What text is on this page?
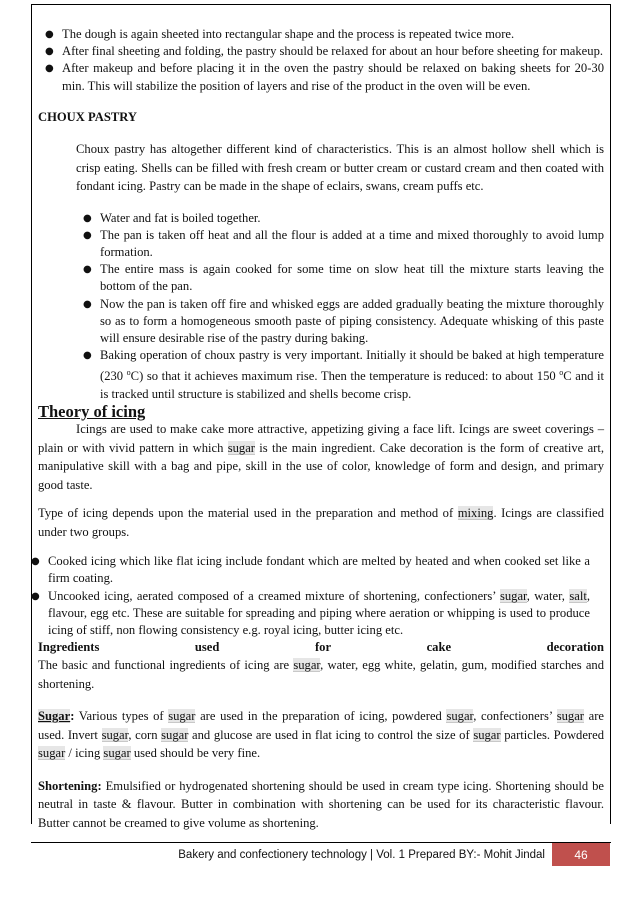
● The dough is again sheeted into rectangular shape and the process is repeated twice more.
● After final sheeting and folding, the pastry should be relaxed for about an hour before sheeting for makeup.
● After makeup and before placing it in the oven the pastry should be relaxed on baking sheets for 20-30 min. This will stabilize the position of layers and rise of the product in the oven will be even.

CHOUX PASTRY

Choux pastry has altogether different kind of characteristics. This is an almost hollow shell which is crisp eating. Shells can be filled with fresh cream or butter cream or custard cream and then coated with fondant icing. Pastry can be made in the shape of eclairs, swans, cream puffs etc.

● Water and fat is boiled together.
● The pan is taken off heat and all the flour is added at a time and mixed thoroughly to avoid lump formation.
● The entire mass is again cooked for some time on slow heat till the mixture starts leaving the bottom of the pan.
● Now the pan is taken off fire and whisked eggs are added gradually beating the mixture thoroughly so as to form a homogeneous smooth paste of piping consistency. Adequate whisking of this paste will ensure desirable rise of the pastry during baking.
● Baking operation of choux pastry is very important. Initially it should be baked at high temperature (230 $^o$C) so that it achieves maximum rise. Then the temperature is reduced: to about 150 $^o$C and it is tracked until structure is stabilized and shells become crisp.

Theory of icing

Icings are used to make cake more attractive, appetizing giving a face lift. Icings are sweet coverings – plain or with vivid pattern in which sugar is the main ingredient. Cake decoration is the form of creative art, manipulative skill with a bag and pipe, skill in the use of color, knowledge of form and design, and primary good taste.

Type of icing depends upon the material used in the preparation and method of mixing. Icings are classified under two groups.

● Cooked icing which like flat icing include fondant which are melted by heated and when cooked set like a firm coating.
● Uncooked icing, aerated composed of a creamed mixture of shortening, confectioners’ sugar, water, salt, flavour, egg etc. These are suitable for spreading and piping where aeration or whipping is used to produce icing of stiff, non flowing consistency e.g. royal icing, butter icing etc.
Ingredients	used	for	cake	decoration

The basic and functional ingredients of icing are sugar, water, egg white, gelatin, gum, modified starches and shortening.

Sugar: Various types of sugar are used in the preparation of icing, powdered sugar, confectioners’ sugar are used. Invert sugar, corn sugar and glucose are used in flat icing to control the size of sugar particles. Powdered sugar / icing sugar used should be very fine.

Shortening: Emulsified or hydrogenated shortening should be used in cream type icing. Shortening should be neutral in taste & flavour. Butter in combination with shortening can be used for its characteristic flavour. Butter cannot be creamed to give volume as shortening.

Bakery and confectionery technology | Vol. 1 Prepared BY:- Mohit Jindal	46
